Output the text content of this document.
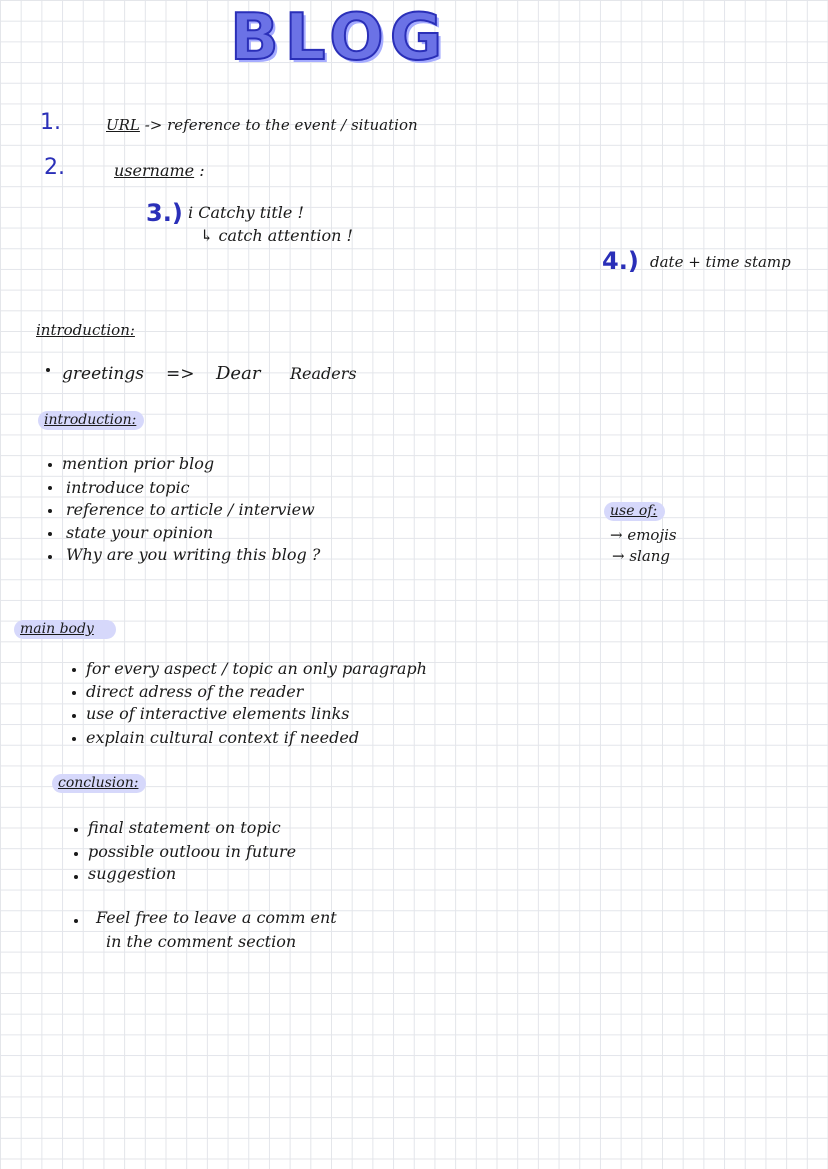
BLOG
1.	URL -> reference to the event / situation
2.	username :
3.) i Catchy title !
↳ catch attention !
4.) date + time stamp
introduction:
greetings => Dear Readers
introduction:
mention prior blog
introduce topic
reference to article / interview
state your opinion
Why are you writing this blog ?
use of:
→ emojis
→ slang
main body
for every aspect / topic an only paragraph
direct adress of the reader
use of interactive elements links
explain cultural context if needed
conclusion:
final statement on topic
possible outloou in future
suggestion
Feel free to leave a comm ent
in the comment section
